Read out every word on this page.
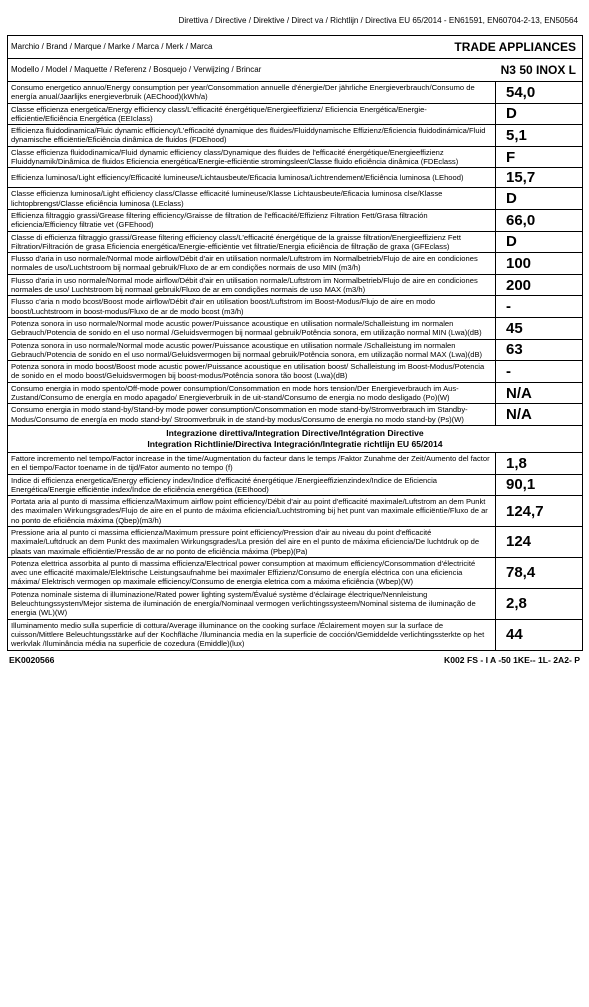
Direttiva / Directive / Direktive / Direct va / Richtlijn / Directiva EU 65/2014 - EN61591, EN60704-2-13, EN50564
Marchio / Brand / Marque / Marke / Marca / Merk / Marca	TRADE APPLIANCES

Modello / Model / Maquette / Referenz / Bosquejo / Verwijzing / Brincar	N3 50 INOX L

Consumo energetico annuo/Energy consumption per year/Consommation annuelle d'énergie/Der jährliche Energieverbrauch/Consumo de energía anual/Jaarlijks energieverbruik (AEChood)(kWh/a)	54,0
Classe efficienza energetica/Energy efficiency class/L'efficacité énergétique/Energieeffizienz/ Eficiencia Energética/Energie-efficiëntie/Eficiência Energética (EEIclass)	D
Efficienza fluidodinamica/Fluic dynamic efficiency/L'efficacité dynamique des fluides/Fluiddynamische Effizienz/Eficiencia fluidodinámica/Fluid dynamische efficiëntie/Eficiência dinâmica de fluidos (FDEhood)	5,1
Classe efficienza fluidodinamica/Fluid dynamic efficiency class/Dynamique des fluides de l'efficacité énergétique/Energieeffizienz Fluiddynamik/Dinâmica de fluidos Eficiencia energética/Energie-efficiëntie stromingsleer/Classe fluido eficiência dinâmica (FDEclass)	F
Efficienza luminosa/Light efficiency/Efficacité lumineuse/Lichtausbeute/Eficacia luminosa/Lichtrendement/Eficiência luminosa (LEhood)	15,7
Classe efficienza luminosa/Light efficiency class/Classe efficacité lumineuse/Klasse Lichtausbeute/Eficacia luminosa clse/Klasse lichtopbrengst/Classe eficiência luminosa (LEclass)	D
Efficienza filtraggio grassi/Grease filtering efficiency/Graisse de filtration de l'efficacité/Effizienz Filtration Fett/Grasa filtración eficiencia/Efficiency filtratie vet (GFEhood)	66,0
Classe di efficienza filtraggio grassi/Grease filtering efficiency class/L'efficacité énergétique de la graisse filtration/Energieeffizienz Fett Filtration/Filtración de grasa Eficiencia energética/Energie-efficiëntie vet filtratie/Energia eficiência de filtração de graxa (GFEclass)	D
Flusso d'aria in uso normale/Normal mode airflow/Débit d'air en utilisation normale/Luftstrom im Normalbetrieb/Flujo de aire en condiciones normales de uso/Luchtstroom bij normaal gebruik/Fluxo de ar em condições normais de uso MIN (m3/h)	100
Flusso d'aria in uso normale/Normal mode airflow/Débit d'air en utilisation normale/Luftstrom im Normalbetrieb/Flujo de aire en condiciones normales de uso/ Luchtstroom bij normaal gebruik/Fluxo de ar em condições normais de uso MAX (m3/h)	200
Flusso c'aria n modo bcost/Boost mode airflow/Débit d'air en utilisation boost/Luftstrom im Boost-Modus/Flujo de aire en modo boost/Luchtstroom in boost-modus/Fluxo de ar de modo bcost (m3/h)	-
Potenza sonora in uso normale/Normal mode acustic power/Puissance acoustique en utilisation normale/Schalleistung im normalen Gebrauch/Potencia de sonido en el uso normal /Geluidsvermogen bij normaal gebruik/Potência sonora, em utilização normal MIN (Lwa)(dB)	45
Potenza sonora in uso normale/Normal mode acustic power/Puissance acoustique en utilisation normale /Schalleistung im normalen Gebrauch/Potencia de sonido en el uso normal/Geluidsvermogen bij normaal gebruik/Potência sonora, em utilização normal MAX (Lwa)(dB)	63
Potenza sonora in modo boost/Boost mode acustic power/Puissance acoustique en utilisation boost/ Schalleistung im Boost-Modus/Potencia de sonido en el modo boost/Geluidsvermogen bij boost-modus/Potência sonora tão boost (Lwa)(dB)	-
Consumo energia in modo spento/Off-mode power consumption/Consommation en mode hors tension/Der Energieverbrauch im Aus-Zustand/Consumo de energía en modo apagado/ Energieverbruik in de uit-stand/Consumo de energia no modo desligado (Po)(W)	N/A
Consumo energia in modo stand-by/Stand-by mode power consumption/Consommation en mode stand-by/Stromverbrauch im Standby-Modus/Consumo de energía en modo stand-by/ Stroomverbruik in de stand-by modus/Consumo de energia no modo stand-by (Ps)(W)	N/A

Integrazione direttiva/Integration Directive/Intégration Directive
Integration Richtlinie/Directiva Integración/Integratie richtlijn EU 65/2014	

Fattore incremento nel tempo/Factor increase in the time/Augmentation du facteur dans le temps /Faktor Zunahme der Zeit/Aumento del factor en el tiempo/Factor toename in de tijd/Fator aumento no tempo (f)	1,8
Indice di efficienza energetica/Energy efficiency index/Indice d'efficacité énergétique /Energieeffizienzindex/Indice de Eficiencia Energética/Energie efficiëntie index/Índce de eficiência energética (EEIhood)	90,1
Portata aria al punto di massima efficienza/Maximum airflow point efficiency/Débit d'air au point d'efficacité maximale/Luftstrom an dem Punkt des maximalen Wirkungsgrades/Flujo de aire en el punto de máxima eficiencia/Luchtstroming bij het punt van maximale efficiëntie/Fluxo de ar no ponto de eficiência máxima (Qbep)(m3/h)	124,7
Pressione aria al punto ci massima efficienza/Maximum pressure point efficiency/Pression d'air au niveau du point d'efficacité maximale/Luftdruck an dem Punkt des maximalen Wirkungsgrades/La presión del aire en el punto de máxima eficiencia/De luchtdruk op de plaats van maximale efficiëntie/Pressão de ar no ponto de eficiência máxima (Pbep)(Pa)	124
Potenza elettrica assorbita al punto di massima efficienza/Electrical power consumption at maximum efficiency/Consommation d'électricité avec une efficacité maximale/Elektrische Leistungsaufnahme bei maximaler Effizienz/Consumo de energía eléctrica con una eficiencia máxima/ Elektrisch vermogen op maximale efficiency/Consumo de energia eletrica com a máxima eficiência (Wbep)(W)	78,4
Potenza nominale sistema di illuminazione/Rated power lighting system/Évalué système d'éclairage électrique/Nennleistung Beleuchtungssystem/Mejor sistema de iluminación de energía/Nominaal vermogen verlichtingssysteem/Nominal sistema de iluminação de energia (WL)(W)	2,8
Illuminamento medio sulla superficie di cottura/Average illuminance on the cooking surface /Éclairement moyen sur la surface de cuisson/Mittlere Beleuchtungsstärke auf der Kochfläche /Iluminancia media en la superficie de cocción/Gemiddelde verlichtingssterkte op het werkvlak /Iluminância média na superficie de cozedura (Emiddle)(lux)	44
EK0020566	K002 FS - I A -50 1KE-- 1L- 2A2- P
